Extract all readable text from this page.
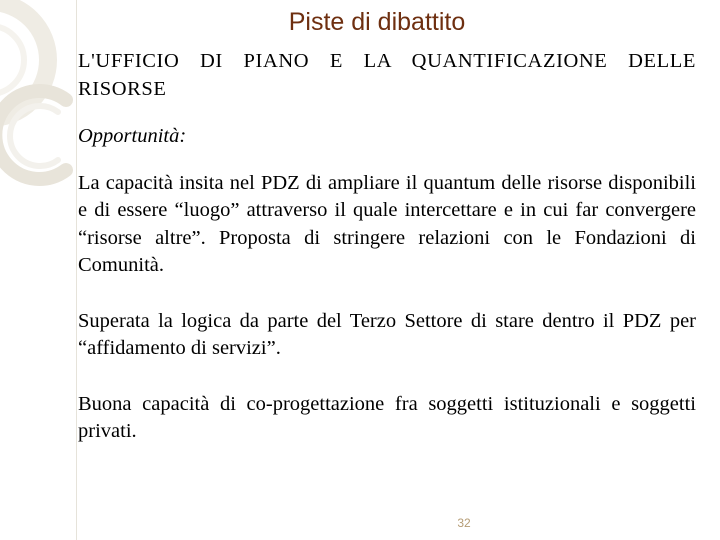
Piste di dibattito

L'UFFICIO DI PIANO E LA QUANTIFICAZIONE DELLE RISORSE

Opportunità:

La capacità insita nel PDZ di ampliare il quantum delle risorse disponibili e di essere “luogo” attraverso il quale intercettare e in cui far convergere “risorse altre”. Proposta di stringere relazioni con le Fondazioni di Comunità.

Superata la logica da parte del Terzo Settore di stare dentro il PDZ per “affidamento di servizi”.

Buona capacità di co-progettazione fra soggetti istituzionali e soggetti privati.

32
